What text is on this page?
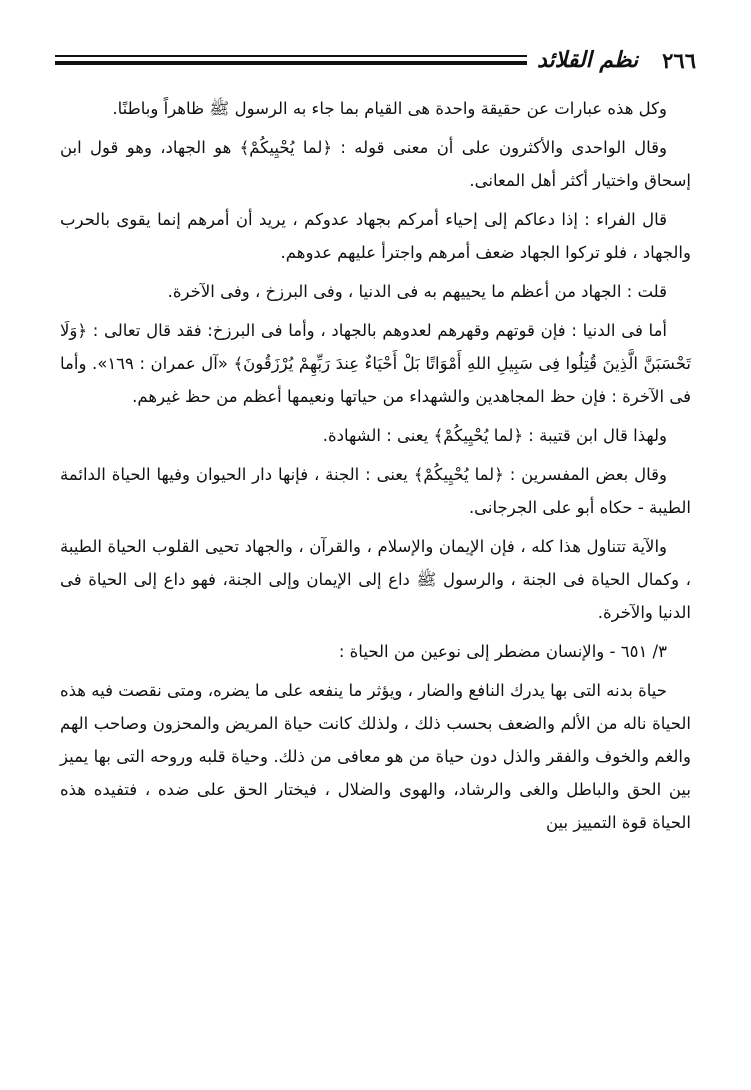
٢٦٦
نظم القلائد

وكل هذه عبارات عن حقيقة واحدة هى القيام بما جاء به الرسول ﷺ ظاهراً وباطنًا.

وقال الواحدى والأكثرون على أن معنى قوله : ﴿لما يُحْيِيكُمْ﴾ هو الجهاد، وهو قول ابن إسحاق واختيار أكثر أهل المعانى.

قال الفراء : إذا دعاكم إلى إحياء أمركم بجهاد عدوكم ، يريد أن أمرهم إنما يقوى بالحرب والجهاد ، فلو تركوا الجهاد ضعف أمرهم واجترأ عليهم عدوهم.

قلت : الجهاد من أعظم ما يحييهم به فى الدنيا ، وفى البرزخ ، وفى الآخرة.

أما فى الدنيا : فإن قوتهم وقهرهم لعدوهم بالجهاد ، وأما فى البرزخ: فقد قال تعالى : ﴿وَلَا تَحْسَبَنَّ الَّذِينَ قُتِلُوا فِى سَبِيلِ اللهِ أَمْوَاتًا بَلْ أَحْيَاءٌ عِندَ رَبِّهِمْ يُرْزَقُونَ﴾ «آل عمران : ١٦٩». وأما فى الآخرة : فإن حظ المجاهدين والشهداء من حياتها ونعيمها أعظم من حظ غيرهم.

ولهذا قال ابن قتيبة : ﴿لما يُحْيِيكُمْ﴾ يعنى : الشهادة.

وقال بعض المفسرين : ﴿لما يُحْيِيكُمْ﴾ يعنى : الجنة ، فإنها دار الحيوان وفيها الحياة الدائمة الطيبة - حكاه أبو على الجرجانى.

والآية تتناول هذا كله ، فإن الإيمان والإسلام ، والقرآن ، والجهاد تحيى القلوب الحياة الطيبة ، وكمال الحياة فى الجنة ، والرسول ﷺ داع إلى الإيمان وإلى الجنة، فهو داع إلى الحياة فى الدنيا والآخرة.

٣/ ٦٥١ - والإنسان مضطر إلى نوعين من الحياة :

حياة بدنه التى بها يدرك النافع والضار ، ويؤثر ما ينفعه على ما يضره، ومتى نقصت فيه هذه الحياة ناله من الألم والضعف بحسب ذلك ، ولذلك كانت حياة المريض والمحزون وصاحب الهم والغم والخوف والفقر والذل دون حياة من هو معافى من ذلك. وحياة قلبه وروحه التى بها يميز بين الحق والباطل والغى والرشاد، والهوى والضلال ، فيختار الحق على ضده ، فتفيده هذه الحياة قوة التمييز بين
